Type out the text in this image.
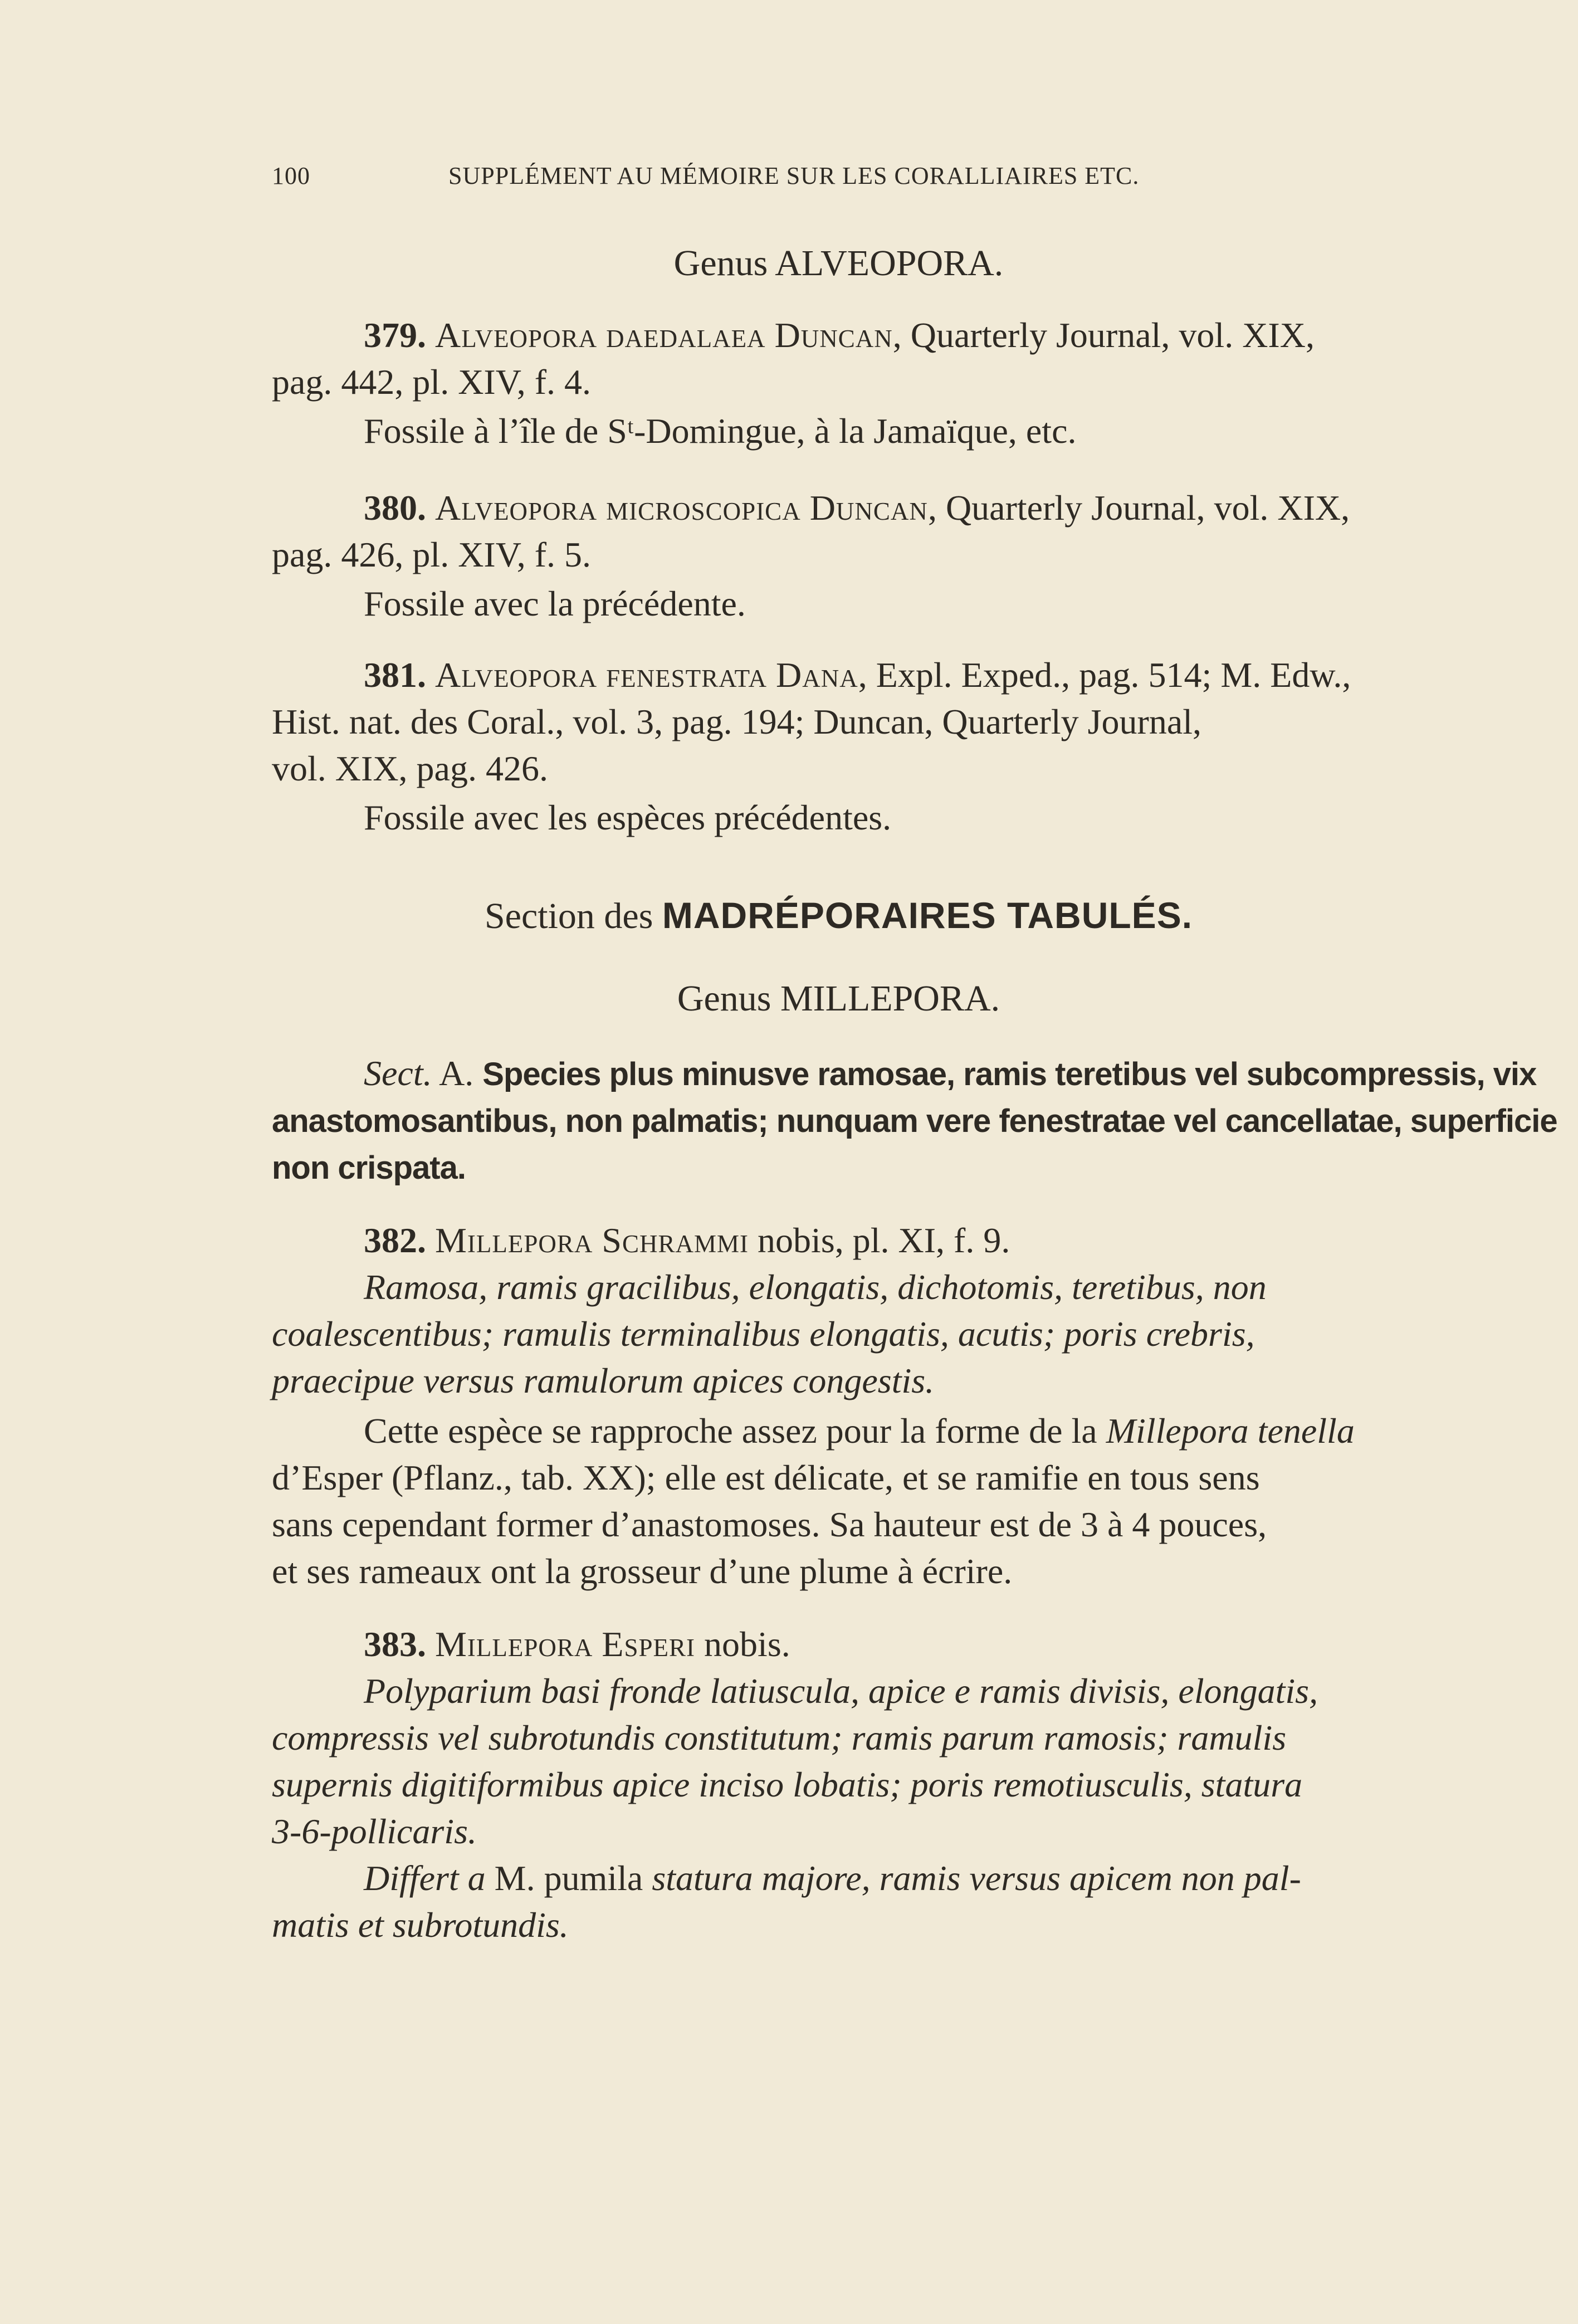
100	SUPPLÉMENT AU MÉMOIRE SUR LES CORALLIAIRES ETC.
Genus ALVEOPORA.
379. Alveopora daedalaea Duncan, Quarterly Journal, vol. XIX,
pag. 442, pl. XIV, f. 4.
Fossile à l’île de Sᵗ-Domingue, à la Jamaïque, etc.
380. Alveopora microscopica Duncan, Quarterly Journal, vol. XIX,
pag. 426, pl. XIV, f. 5.
Fossile avec la précédente.
381. Alveopora fenestrata Dana, Expl. Exped., pag. 514; M. Edw.,
Hist. nat. des Coral., vol. 3, pag. 194; Duncan, Quarterly Journal,
vol. XIX, pag. 426.
Fossile avec les espèces précédentes.
Section des MADRÉPORAIRES TABULÉS.
Genus MILLEPORA.
Sect. A. Species plus minusve ramosae, ramis teretibus vel subcompressis, vix
anastomosantibus, non palmatis; nunquam vere fenestratae vel cancellatae, superficie
non crispata.
382. Millepora Schrammi nobis, pl. XI, f. 9.
Ramosa, ramis gracilibus, elongatis, dichotomis, teretibus, non
coalescentibus; ramulis terminalibus elongatis, acutis; poris crebris,
praecipue versus ramulorum apices congestis.
Cette espèce se rapproche assez pour la forme de la Millepora tenella
d’Esper (Pflanz., tab. XX); elle est délicate, et se ramifie en tous sens
sans cependant former d’anastomoses. Sa hauteur est de 3 à 4 pouces,
et ses rameaux ont la grosseur d’une plume à écrire.
383. Millepora Esperi nobis.
Polyparium basi fronde latiuscula, apice e ramis divisis, elongatis,
compressis vel subrotundis constitutum; ramis parum ramosis; ramulis
supernis digitiformibus apice inciso lobatis; poris remotiusculis, statura
3-6-pollicaris.
Differt a M. pumila statura majore, ramis versus apicem non pal-
matis et subrotundis.
